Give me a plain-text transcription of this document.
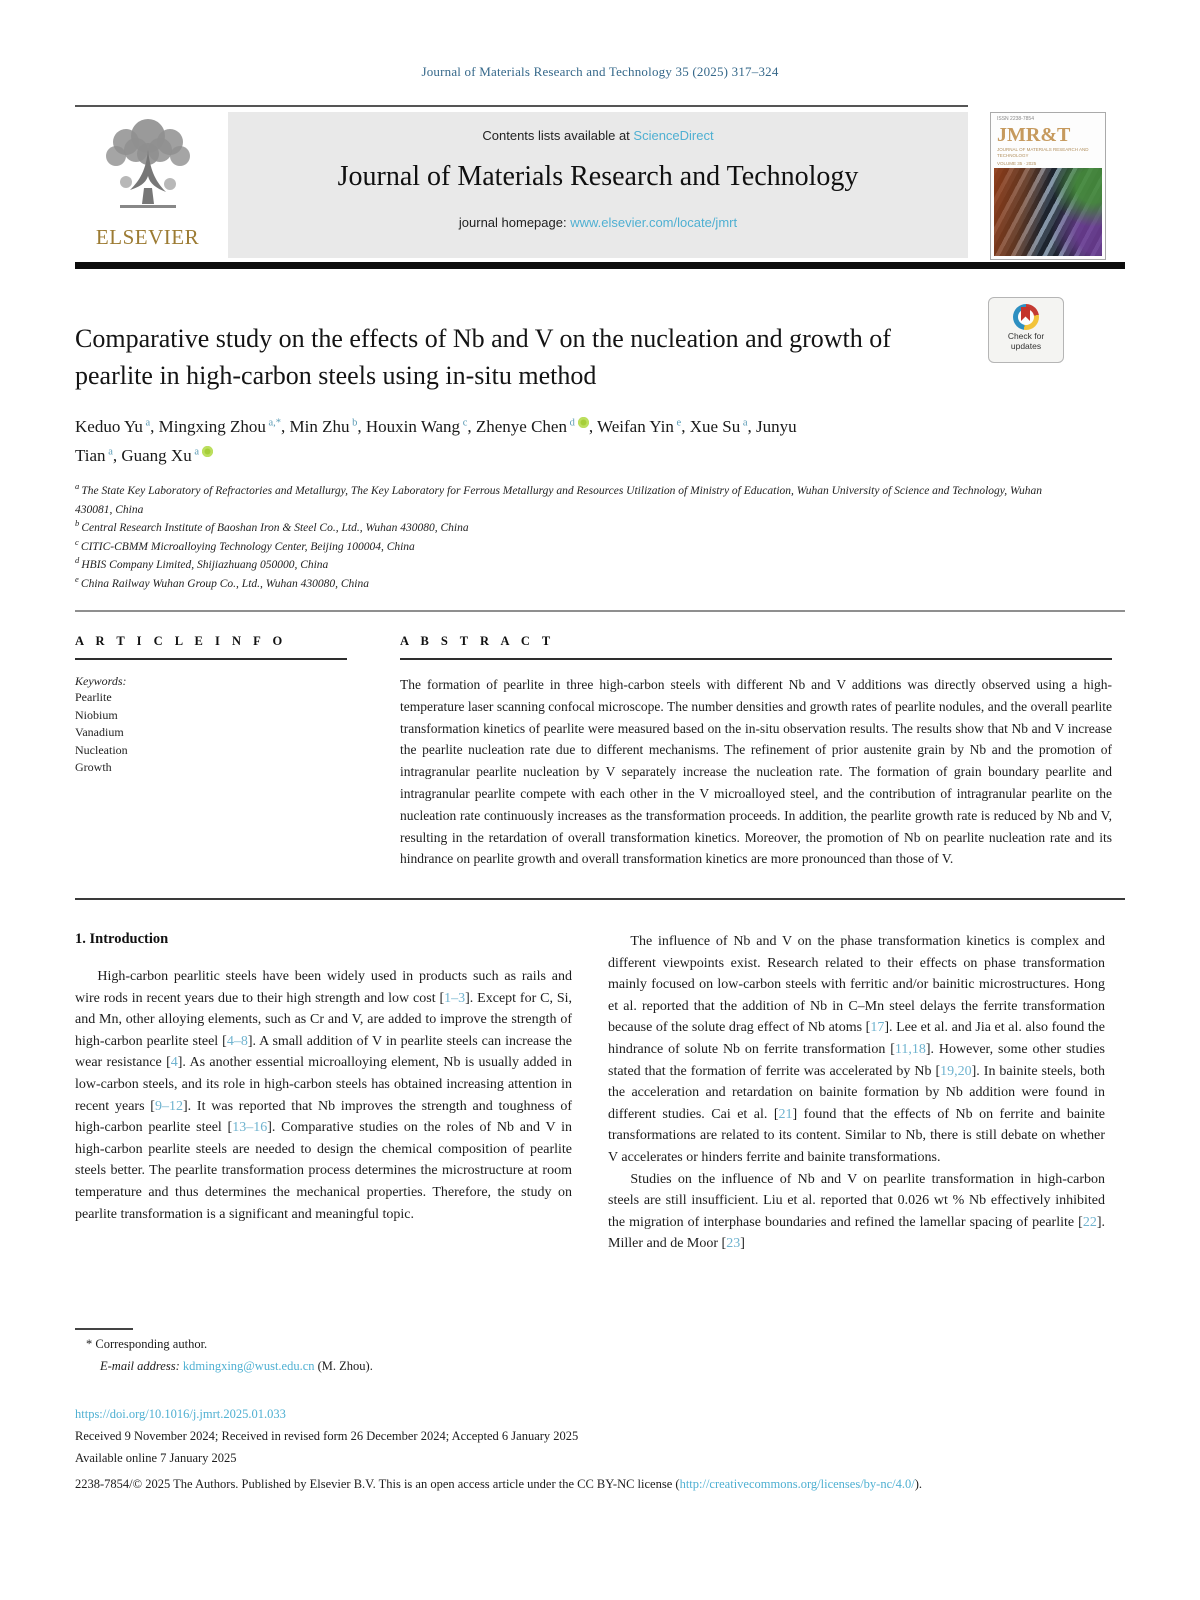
Journal of Materials Research and Technology 35 (2025) 317–324
ELSEVIER
Contents lists available at ScienceDirect
Journal of Materials Research and Technology
journal homepage: www.elsevier.com/locate/jmrt
ISSN 2238-7854
JMR&T
JOURNAL OF MATERIALS RESEARCH AND TECHNOLOGY
VOLUME 35 · 2025
Check for
updates
Comparative study on the effects of Nb and V on the nucleation and growth of pearlite in high-carbon steels using in-situ method
Keduo Yu $^a$, Mingxing Zhou $^{a,*}$, Min Zhu $^b$, Houxin Wang $^c$, Zhenye Chen $^d$ , Weifan Yin $^e$, Xue Su $^a$, Junyu Tian $^a$, Guang Xu $^a$
$^a$ The State Key Laboratory of Refractories and Metallurgy, The Key Laboratory for Ferrous Metallurgy and Resources Utilization of Ministry of Education, Wuhan University of Science and Technology, Wuhan 430081, China
$^b$ Central Research Institute of Baoshan Iron & Steel Co., Ltd., Wuhan 430080, China
$^c$ CITIC-CBMM Microalloying Technology Center, Beijing 100004, China
$^d$ HBIS Company Limited, Shijiazhuang 050000, China
$^e$ China Railway Wuhan Group Co., Ltd., Wuhan 430080, China
A R T I C L E I N F O
Keywords:
Pearlite
Niobium
Vanadium
Nucleation
Growth
A B S T R A C T
The formation of pearlite in three high-carbon steels with different Nb and V additions was directly observed using a high-temperature laser scanning confocal microscope. The number densities and growth rates of pearlite nodules, and the overall pearlite transformation kinetics of pearlite were measured based on the in-situ observation results. The results show that Nb and V increase the pearlite nucleation rate due to different mechanisms. The refinement of prior austenite grain by Nb and the promotion of intragranular pearlite nucleation by V separately increase the nucleation rate. The formation of grain boundary pearlite and intragranular pearlite compete with each other in the V microalloyed steel, and the contribution of intragranular pearlite on the nucleation rate continuously increases as the transformation proceeds. In addition, the pearlite growth rate is reduced by Nb and V, resulting in the retardation of overall transformation kinetics. Moreover, the promotion of Nb on pearlite nucleation rate and its hindrance on pearlite growth and overall transformation kinetics are more pronounced than those of V.
1. Introduction

High-carbon pearlitic steels have been widely used in products such as rails and wire rods in recent years due to their high strength and low cost [1–3]. Except for C, Si, and Mn, other alloying elements, such as Cr and V, are added to improve the strength of high-carbon pearlite steel [4–8]. A small addition of V in pearlite steels can increase the wear resistance [4]. As another essential microalloying element, Nb is usually added in low-carbon steels, and its role in high-carbon steels has obtained increasing attention in recent years [9–12]. It was reported that Nb improves the strength and toughness of high-carbon pearlite steel [13–16]. Comparative studies on the roles of Nb and V in high-carbon pearlite steels are needed to design the chemical composition of pearlite steels better. The pearlite transformation process determines the microstructure at room temperature and thus determines the mechanical properties. Therefore, the study on pearlite transformation is a significant and meaningful topic.

The influence of Nb and V on the phase transformation kinetics is complex and different viewpoints exist. Research related to their effects on phase transformation mainly focused on low-carbon steels with ferritic and/or bainitic microstructures. Hong et al. reported that the addition of Nb in C–Mn steel delays the ferrite transformation because of the solute drag effect of Nb atoms [17]. Lee et al. and Jia et al. also found the hindrance of solute Nb on ferrite transformation [11,18]. However, some other studies stated that the formation of ferrite was accelerated by Nb [19,20]. In bainite steels, both the acceleration and retardation on bainite formation by Nb addition were found in different studies. Cai et al. [21] found that the effects of Nb on ferrite and bainite transformations are related to its content. Similar to Nb, there is still debate on whether V accelerates or hinders ferrite and bainite transformations.

Studies on the influence of Nb and V on pearlite transformation in high-carbon steels are still insufficient. Liu et al. reported that 0.026 wt % Nb effectively inhibited the migration of interphase boundaries and refined the lamellar spacing of pearlite [22]. Miller and de Moor [23]

* Corresponding author.
E-mail address: kdmingxing@wust.edu.cn (M. Zhou).
https://doi.org/10.1016/j.jmrt.2025.01.033
Received 9 November 2024; Received in revised form 26 December 2024; Accepted 6 January 2025
Available online 7 January 2025
2238-7854/© 2025 The Authors. Published by Elsevier B.V. This is an open access article under the CC BY-NC license (http://creativecommons.org/licenses/by-nc/4.0/).
